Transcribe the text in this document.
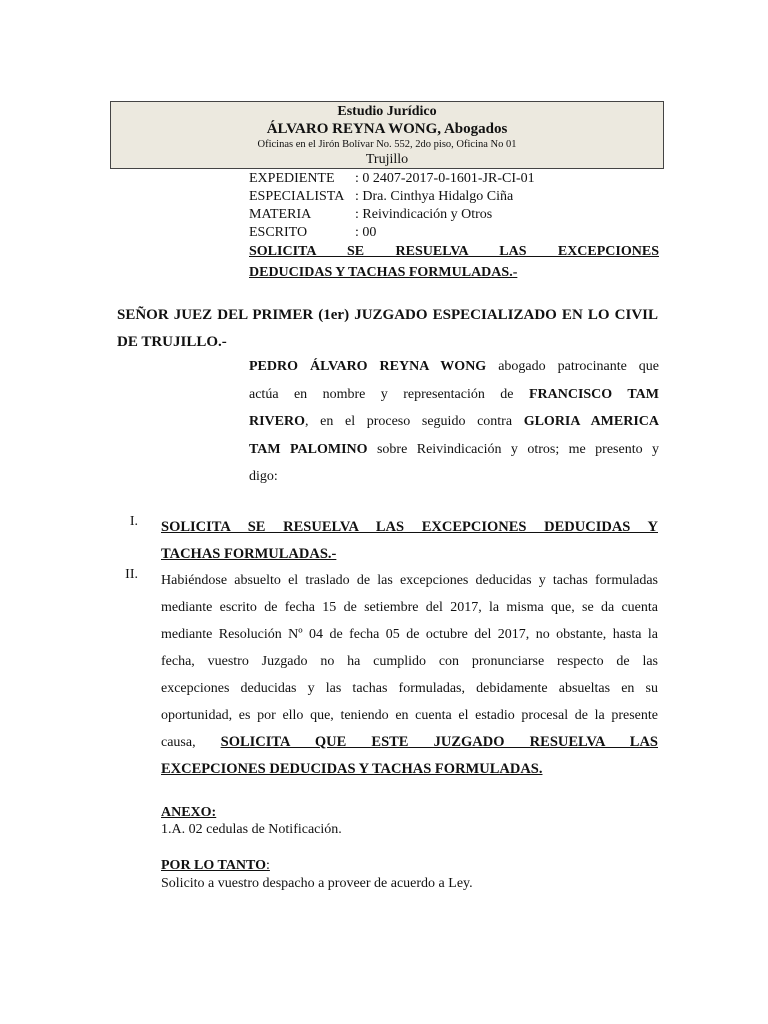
Estudio Jurídico
ÁLVARO REYNA WONG, Abogados
Oficinas en el Jirón Bolívar No. 552, 2do piso, Oficina No 01
Trujillo
EXPEDIENTE	: 0 2407-2017-0-1601-JR-CI-01
ESPECIALISTA : Dra. Cinthya Hidalgo Ciña
MATERIA	: Reivindicación y Otros
ESCRITO	: 00
SOLICITA SE RESUELVA LAS EXCEPCIONES
DEDUCIDAS Y TACHAS FORMULADAS.-
SEÑOR JUEZ DEL PRIMER (1er) JUZGADO ESPECIALIZADO EN LO CIVIL
DE TRUJILLO.-
PEDRO ÁLVARO REYNA WONG abogado patrocinante que
actúa en nombre y representación de FRANCISCO TAM
RIVERO, en el proceso seguido contra GLORIA AMERICA
TAM PALOMINO sobre Reivindicación y otros; me presento y
digo:
I. SOLICITA SE RESUELVA LAS EXCEPCIONES DEDUCIDAS Y
TACHAS FORMULADAS.-
II. Habiéndose absuelto el traslado de las excepciones deducidas y tachas formuladas
mediante escrito de fecha 15 de setiembre del 2017, la misma que, se da cuenta
mediante Resolución Nº 04 de fecha 05 de octubre del 2017, no obstante, hasta la
fecha, vuestro Juzgado no ha cumplido con pronunciarse respecto de las
excepciones deducidas y las tachas formuladas, debidamente absueltas en su
oportunidad, es por ello que, teniendo en cuenta el estadio procesal de la presente
causa, SOLICITA QUE ESTE JUZGADO RESUELVA LAS
EXCEPCIONES DEDUCIDAS Y TACHAS FORMULADAS.
ANEXO:
1.A. 02 cedulas de Notificación.
POR LO TANTO:
Solicito a vuestro despacho a proveer de acuerdo a Ley.
